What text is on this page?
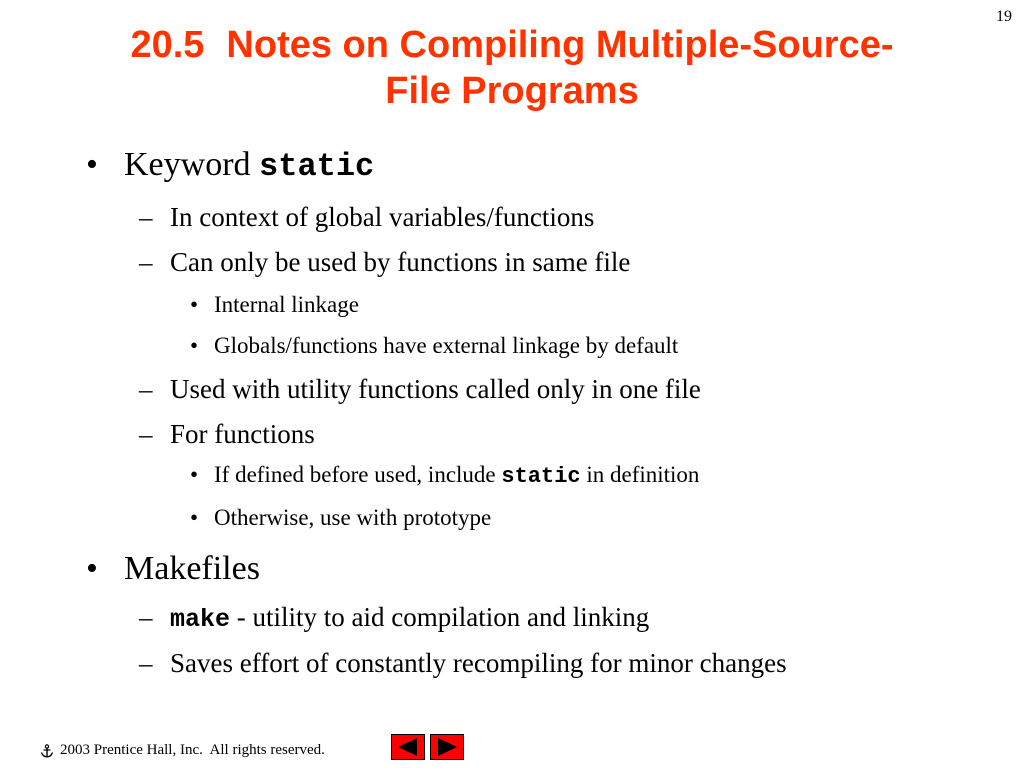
19
20.5 Notes on Compiling Multiple-Source-
File Programs
• Keyword static
– In context of global variables/functions
– Can only be used by functions in same file
• Internal linkage
• Globals/functions have external linkage by default
– Used with utility functions called only in one file
– For functions
• If defined before used, include static in definition
• Otherwise, use with prototype
• Makefiles
– make - utility to aid compilation and linking
– Saves effort of constantly recompiling for minor changes
2003 Prentice Hall, Inc.  All rights reserved.
